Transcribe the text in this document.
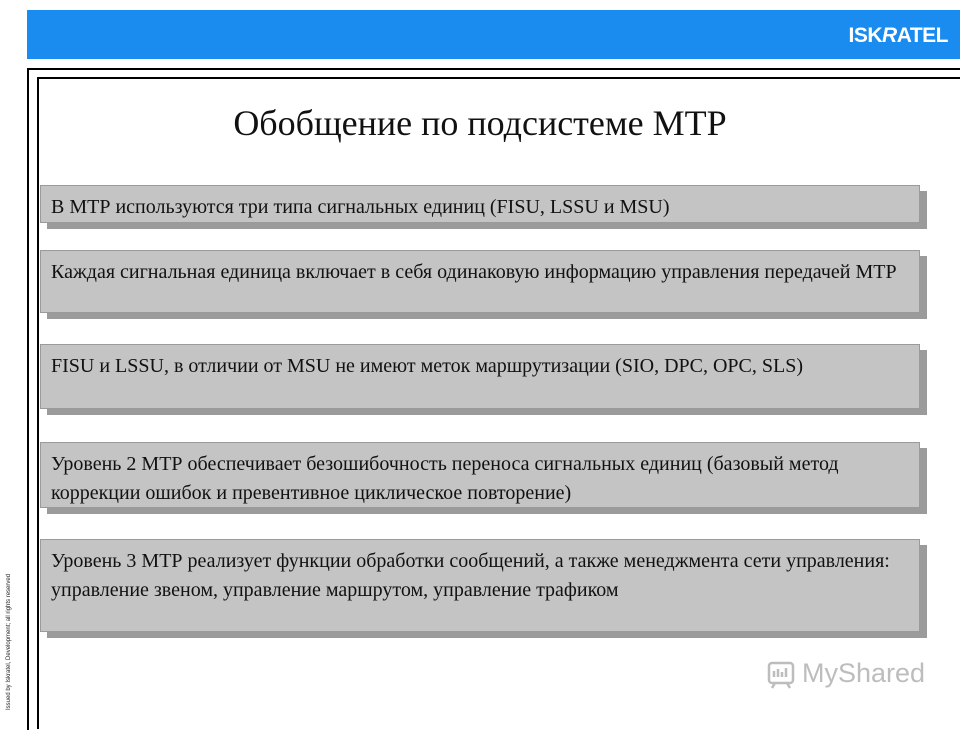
ISKRATEL
Issued by Iskratel, Development; all rights reserved
Обобщение по подсистеме МТР
В МТР используются три типа сигнальных единиц (FISU, LSSU и MSU)
Каждая сигнальная единица включает в себя одинаковую информацию управления передачей МТР
FISU и LSSU, в отличии от MSU не имеют меток маршрутизации (SIO, DPC, OPC, SLS)
Уровень 2 МТР обеспечивает безошибочность переноса сигнальных единиц (базовый метод коррекции ошибок и превентивное циклическое повторение)
Уровень 3 МТР реализует функции обработки сообщений, а также менеджмента сети управления: управление звеном, управление маршрутом, управление трафиком
MyShared
